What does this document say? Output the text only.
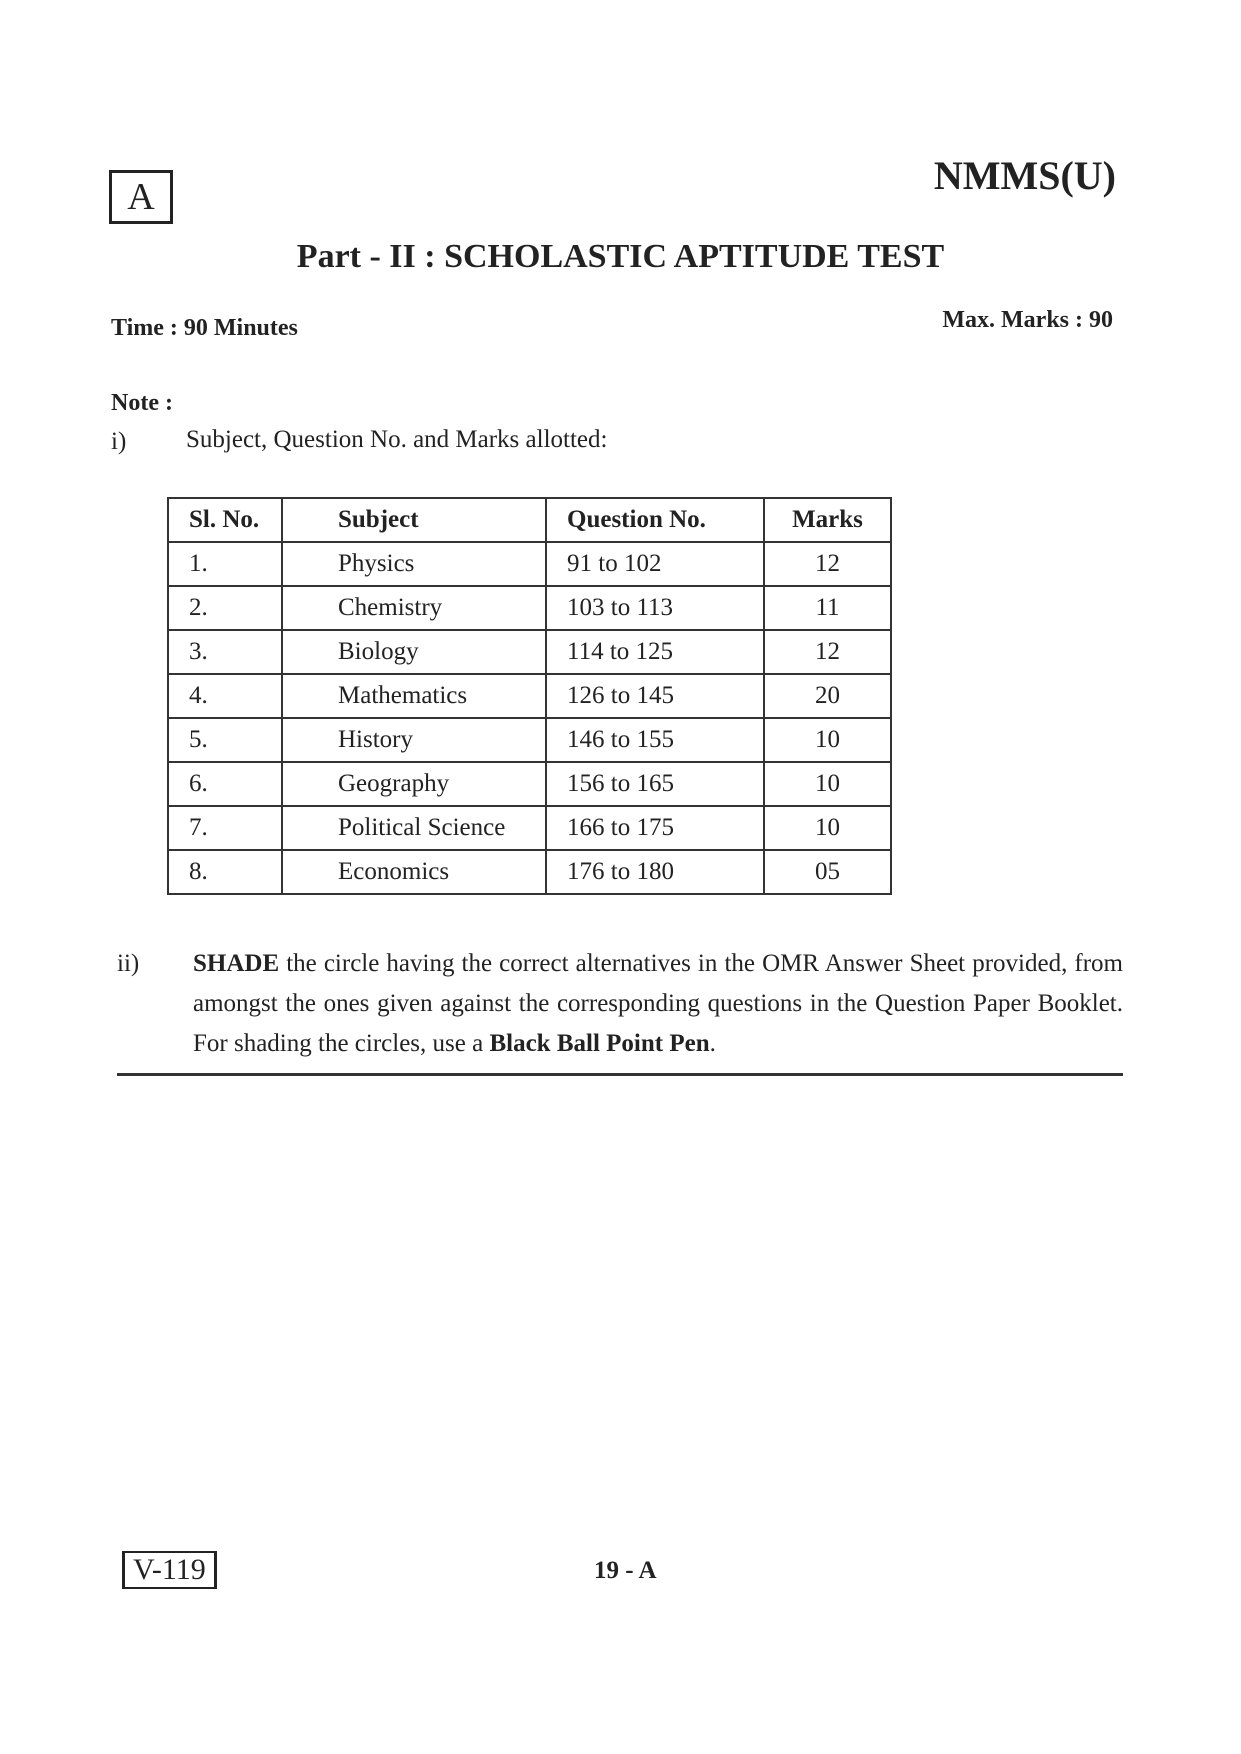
A	NMMS(U)
Part - II : SCHOLASTIC APTITUDE TEST
Time : 90 Minutes	Max. Marks : 90
Note :
i) Subject, Question No. and Marks allotted:
Sl. No.	Subject	Question No.	Marks
1.	Physics	91 to 102	12
2.	Chemistry	103 to 113	11
3.	Biology	114 to 125	12
4.	Mathematics	126 to 145	20
5.	History	146 to 155	10
6.	Geography	156 to 165	10
7.	Political Science	166 to 175	10
8.	Economics	176 to 180	05
ii) SHADE the circle having the correct alternatives in the OMR Answer Sheet provided, from amongst the ones given against the corresponding questions in the Question Paper Booklet. For shading the circles, use a Black Ball Point Pen.
V-119	19 - A
